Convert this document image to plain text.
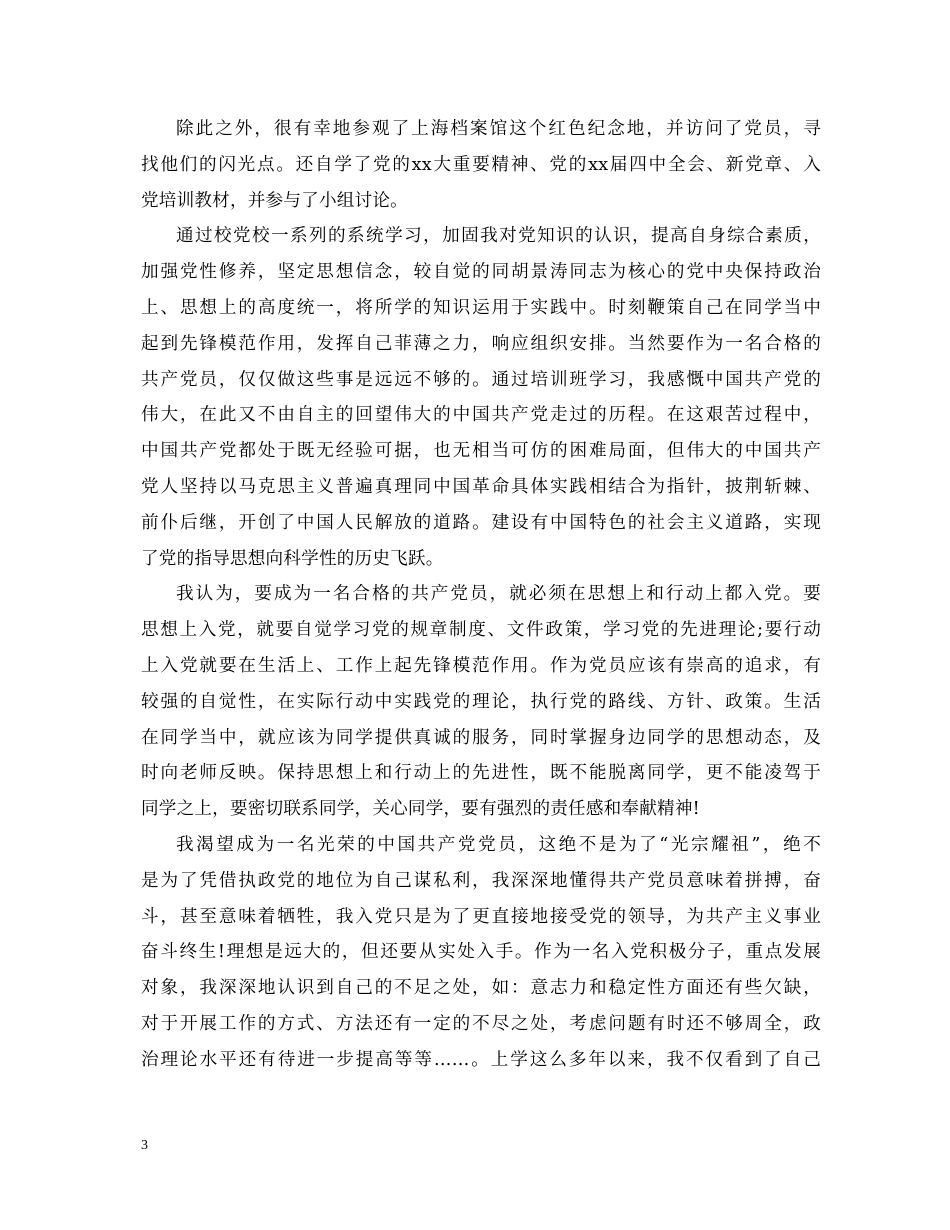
除此之外，很有幸地参观了上海档案馆这个红色纪念地，并访问了党员，寻
找他们的闪光点。还自学了党的xx大重要精神、党的xx届四中全会、新党章、入
党培训教材，并参与了小组讨论。
通过校党校一系列的系统学习，加固我对党知识的认识，提高自身综合素质，
加强党性修养，坚定思想信念，较自觉的同胡景涛同志为核心的党中央保持政治
上、思想上的高度统一，将所学的知识运用于实践中。时刻鞭策自己在同学当中
起到先锋模范作用，发挥自己菲薄之力，响应组织安排。当然要作为一名合格的
共产党员，仅仅做这些事是远远不够的。通过培训班学习，我感慨中国共产党的
伟大，在此又不由自主的回望伟大的中国共产党走过的历程。在这艰苦过程中，
中国共产党都处于既无经验可据，也无相当可仿的困难局面，但伟大的中国共产
党人坚持以马克思主义普遍真理同中国革命具体实践相结合为指针，披荆斩棘、
前仆后继，开创了中国人民解放的道路。建设有中国特色的社会主义道路，实现
了党的指导思想向科学性的历史飞跃。
我认为，要成为一名合格的共产党员，就必须在思想上和行动上都入党。要
思想上入党，就要自觉学习党的规章制度、文件政策，学习党的先进理论;要行动
上入党就要在生活上、工作上起先锋模范作用。作为党员应该有崇高的追求，有
较强的自觉性，在实际行动中实践党的理论，执行党的路线、方针、政策。生活
在同学当中，就应该为同学提供真诚的服务，同时掌握身边同学的思想动态，及
时向老师反映。保持思想上和行动上的先进性，既不能脱离同学，更不能凌驾于
同学之上，要密切联系同学，关心同学，要有强烈的责任感和奉献精神!
我渴望成为一名光荣的中国共产党党员，这绝不是为了“光宗耀祖”，绝不
是为了凭借执政党的地位为自己谋私利，我深深地懂得共产党员意味着拼搏，奋
斗，甚至意味着牺牲，我入党只是为了更直接地接受党的领导，为共产主义事业
奋斗终生!理想是远大的，但还要从实处入手。作为一名入党积极分子，重点发展
对象，我深深地认识到自己的不足之处，如：意志力和稳定性方面还有些欠缺，
对于开展工作的方式、方法还有一定的不尽之处，考虑问题有时还不够周全，政
治理论水平还有待进一步提高等等……。上学这么多年以来，我不仅看到了自己
3
